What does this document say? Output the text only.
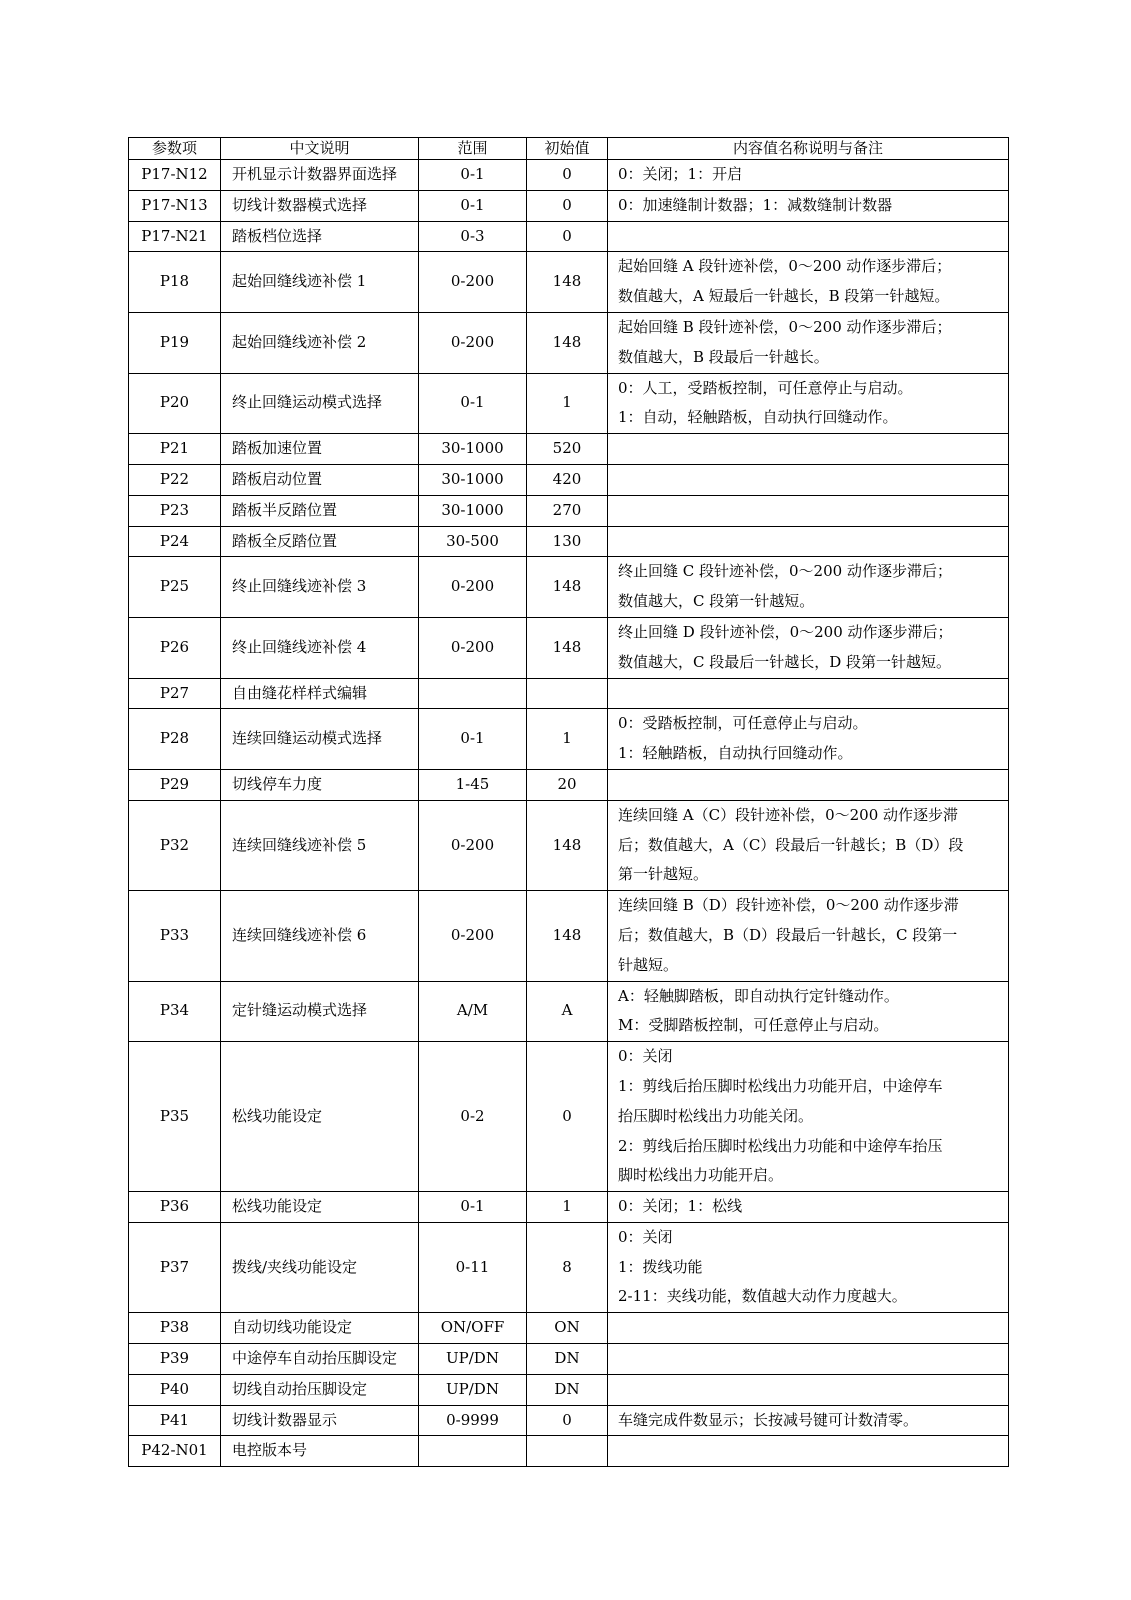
参数项	中文说明	范围	初始值	内容值名称说明与备注
P17-N12	开机显示计数器界面选择	0-1	0	0：关闭；1：开启

P17-N13	切线计数器模式选择	0-1	0	0：加速缝制计数器；1：减数缝制计数器

P17-N21	踏板档位选择	0-3	0	
P18	起始回缝线迹补偿 1	0-200	148	起始回缝 A 段针迹补偿，0～200 动作逐步滞后；
数值越大，A 短最后一针越长，B 段第一针越短。

P19	起始回缝线迹补偿 2	0-200	148	起始回缝 B 段针迹补偿，0～200 动作逐步滞后；
数值越大，B 段最后一针越长。

P20	终止回缝运动模式选择	0-1	1	0：人工，受踏板控制，可任意停止与启动。
1：自动，轻触踏板，自动执行回缝动作。

P21	踏板加速位置	30-1000	520	
P22	踏板启动位置	30-1000	420	
P23	踏板半反踏位置	30-1000	270	
P24	踏板全反踏位置	30-500	130	
P25	终止回缝线迹补偿 3	0-200	148	终止回缝 C 段针迹补偿，0～200 动作逐步滞后；
数值越大，C 段第一针越短。

P26	终止回缝线迹补偿 4	0-200	148	终止回缝 D 段针迹补偿，0～200 动作逐步滞后；
数值越大，C 段最后一针越长，D 段第一针越短。

P27	自由缝花样样式编辑			
P28	连续回缝运动模式选择	0-1	1	0：受踏板控制，可任意停止与启动。
1：轻触踏板，自动执行回缝动作。

P29	切线停车力度	1-45	20	
P32	连续回缝线迹补偿 5	0-200	148	连续回缝 A（C）段针迹补偿，0～200 动作逐步滞
后；数值越大，A（C）段最后一针越长；B（D）段
第一针越短。

P33	连续回缝线迹补偿 6	0-200	148	连续回缝 B（D）段针迹补偿，0～200 动作逐步滞
后；数值越大，B（D）段最后一针越长，C 段第一
针越短。

P34	定针缝运动模式选择	A/M	A	A：轻触脚踏板，即自动执行定针缝动作。
M：受脚踏板控制，可任意停止与启动。

P35	松线功能设定	0-2	0	0：关闭
1：剪线后抬压脚时松线出力功能开启，中途停车
抬压脚时松线出力功能关闭。
2：剪线后抬压脚时松线出力功能和中途停车抬压
脚时松线出力功能开启。

P36	松线功能设定	0-1	1	0：关闭；1：松线

P37	拨线/夹线功能设定	0-11	8	0：关闭
1：拨线功能
2-11：夹线功能，数值越大动作力度越大。

P38	自动切线功能设定	ON/OFF	ON	
P39	中途停车自动抬压脚设定	UP/DN	DN	
P40	切线自动抬压脚设定	UP/DN	DN	
P41	切线计数器显示	0-9999	0	车缝完成件数显示；长按减号键可计数清零。

P42-N01	电控版本号			
